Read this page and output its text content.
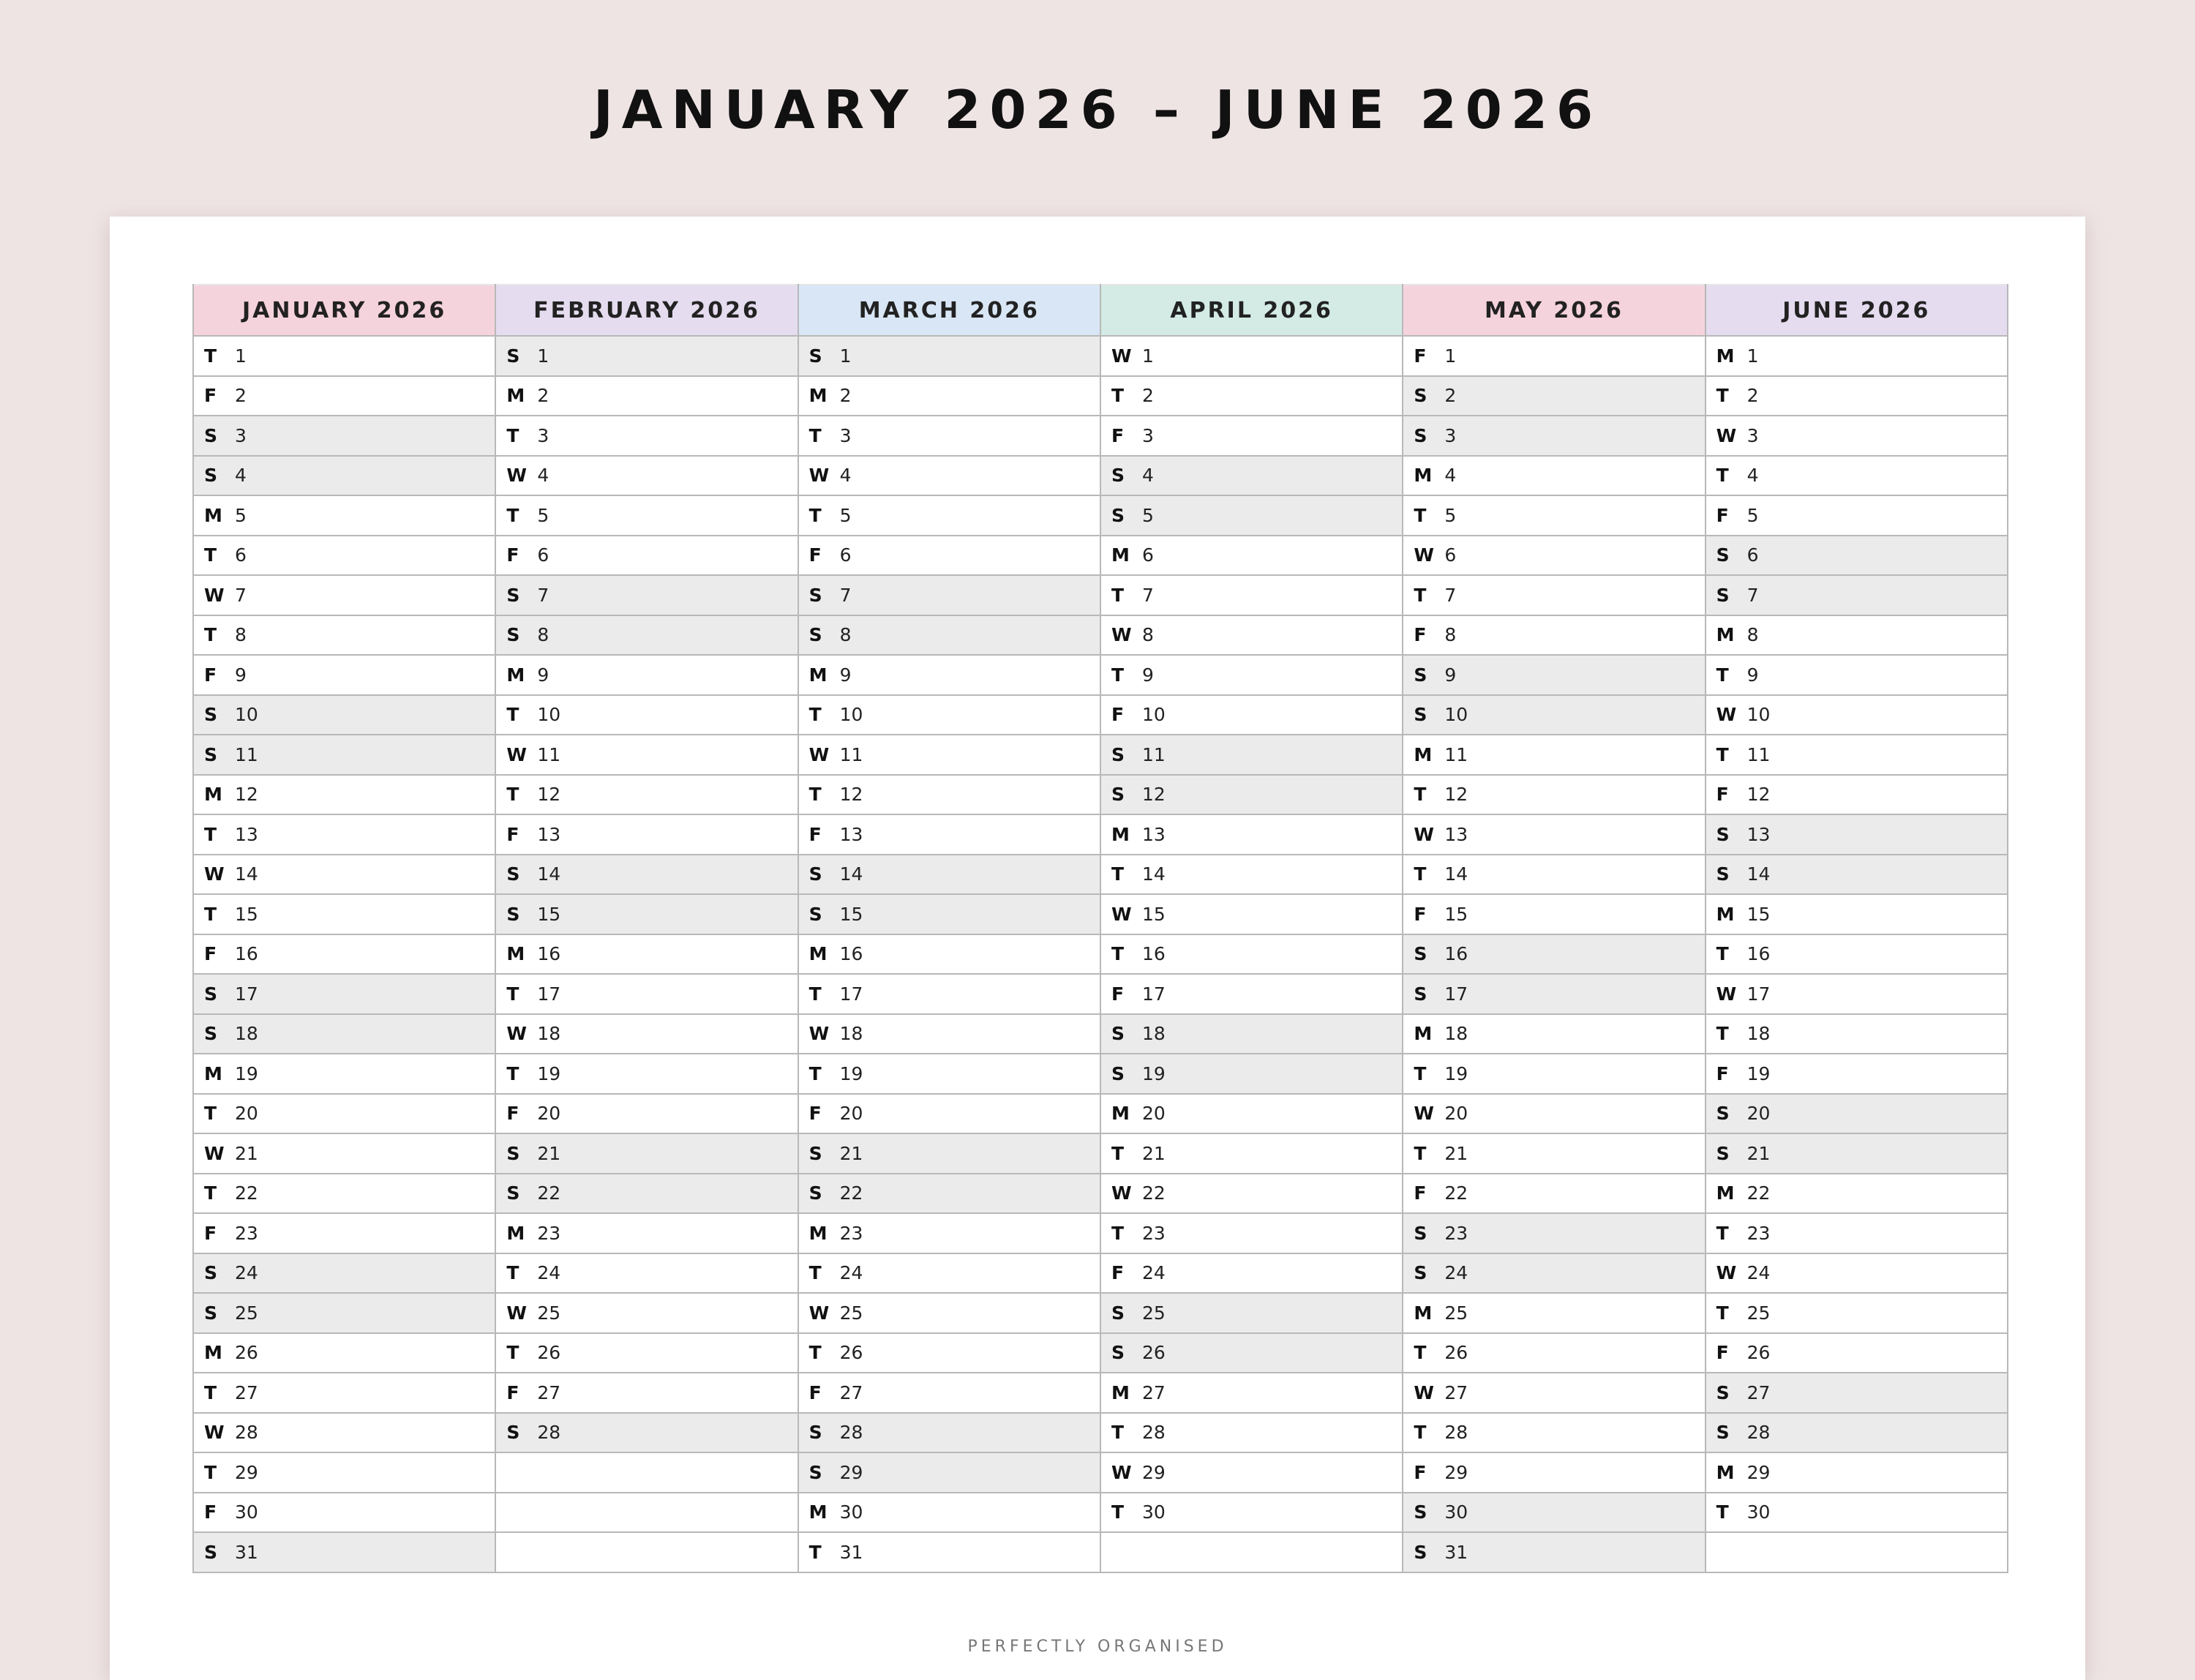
JANUARY 2026 – JUNE 2026
JANUARY 2026
T 1
F 2
S 3
S 4
M 5
T 6
W 7
T 8
F 9
S 10
S 11
M 12
T 13
W 14
T 15
F 16
S 17
S 18
M 19
T 20
W 21
T 22
F 23
S 24
S 25
M 26
T 27
W 28
T 29
F 30
S 31
FEBRUARY 2026
S 1
M 2
T 3
W 4
T 5
F 6
S 7
S 8
M 9
T 10
W 11
T 12
F 13
S 14
S 15
M 16
T 17
W 18
T 19
F 20
S 21
S 22
M 23
T 24
W 25
T 26
F 27
S 28
MARCH 2026
S 1
M 2
T 3
W 4
T 5
F 6
S 7
S 8
M 9
T 10
W 11
T 12
F 13
S 14
S 15
M 16
T 17
W 18
T 19
F 20
S 21
S 22
M 23
T 24
W 25
T 26
F 27
S 28
S 29
M 30
T 31
APRIL 2026
W 1
T 2
F 3
S 4
S 5
M 6
T 7
W 8
T 9
F 10
S 11
S 12
M 13
T 14
W 15
T 16
F 17
S 18
S 19
M 20
T 21
W 22
T 23
F 24
S 25
S 26
M 27
T 28
W 29
T 30
MAY 2026
F 1
S 2
S 3
M 4
T 5
W 6
T 7
F 8
S 9
S 10
M 11
T 12
W 13
T 14
F 15
S 16
S 17
M 18
T 19
W 20
T 21
F 22
S 23
S 24
M 25
T 26
W 27
T 28
F 29
S 30
S 31
JUNE 2026
M 1
T 2
W 3
T 4
F 5
S 6
S 7
M 8
T 9
W 10
T 11
F 12
S 13
S 14
M 15
T 16
W 17
T 18
F 19
S 20
S 21
M 22
T 23
W 24
T 25
F 26
S 27
S 28
M 29
T 30
PERFECTLY ORGANISED
